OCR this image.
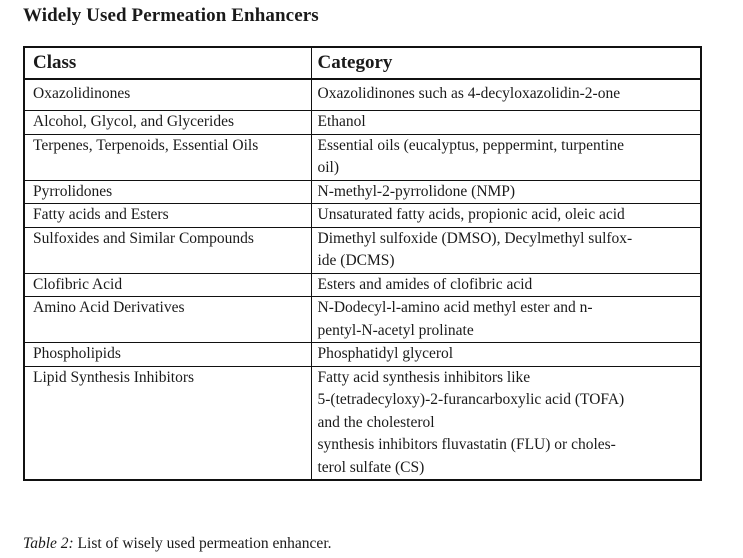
Widely Used Permeation Enhancers
Class	Category

Oxazolidinones	Oxazolidinones such as 4-decyloxazolidin-2-one

Alcohol, Glycol, and Glycerides	Ethanol

Terpenes, Terpenoids, Essential Oils	Essential oils (eucalyptus, peppermint, turpentine
oil)

Pyrrolidones	N-methyl-2-pyrrolidone (NMP)

Fatty acids and Esters	Unsaturated fatty acids, propionic acid, oleic acid

Sulfoxides and Similar Compounds	Dimethyl sulfoxide (DMSO), Decylmethyl sulfox-
ide (DCMS)

Clofibric Acid	Esters and amides of clofibric acid

Amino Acid Derivatives	N-Dodecyl-l-amino acid methyl ester and n-
pentyl-N-acetyl prolinate

Phospholipids	Phosphatidyl glycerol

Lipid Synthesis Inhibitors	Fatty acid synthesis inhibitors like
5-(tetradecyloxy)-2-furancarboxylic acid (TOFA)
and the cholesterol
synthesis inhibitors fluvastatin (FLU) or choles-
terol sulfate (CS)
Table 2: List of wisely used permeation enhancer.
